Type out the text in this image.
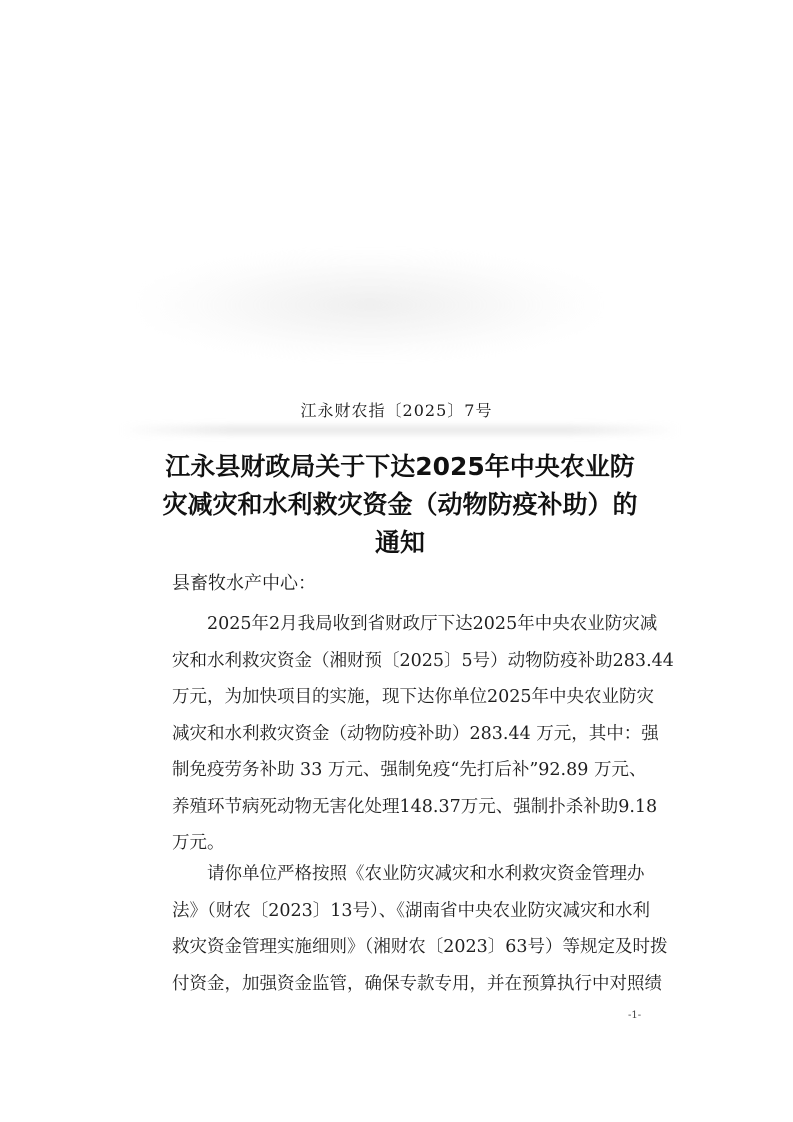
江永财农指〔2025〕7号
江永县财政局关于下达2025年中央农业防
灾减灾和水利救灾资金（动物防疫补助）的
通知
县畜牧水产中心：
　　2025年2月我局收到省财政厅下达2025年中央农业防灾减
灾和水利救灾资金（湘财预〔2025〕5号）动物防疫补助283.44
万元，为加快项目的实施，现下达你单位2025年中央农业防灾
减灾和水利救灾资金（动物防疫补助）283.44 万元，其中：强
制免疫劳务补助 33 万元、强制免疫“先打后补”92.89 万元、
养殖环节病死动物无害化处理148.37万元、强制扑杀补助9.18
万元。
　　请你单位严格按照《农业防灾减灾和水利救灾资金管理办
法》（财农〔2023〕13号）、《湖南省中央农业防灾减灾和水利
救灾资金管理实施细则》（湘财农〔2023〕63号）等规定及时拨
付资金，加强资金监管，确保专款专用，并在预算执行中对照绩
-1-
